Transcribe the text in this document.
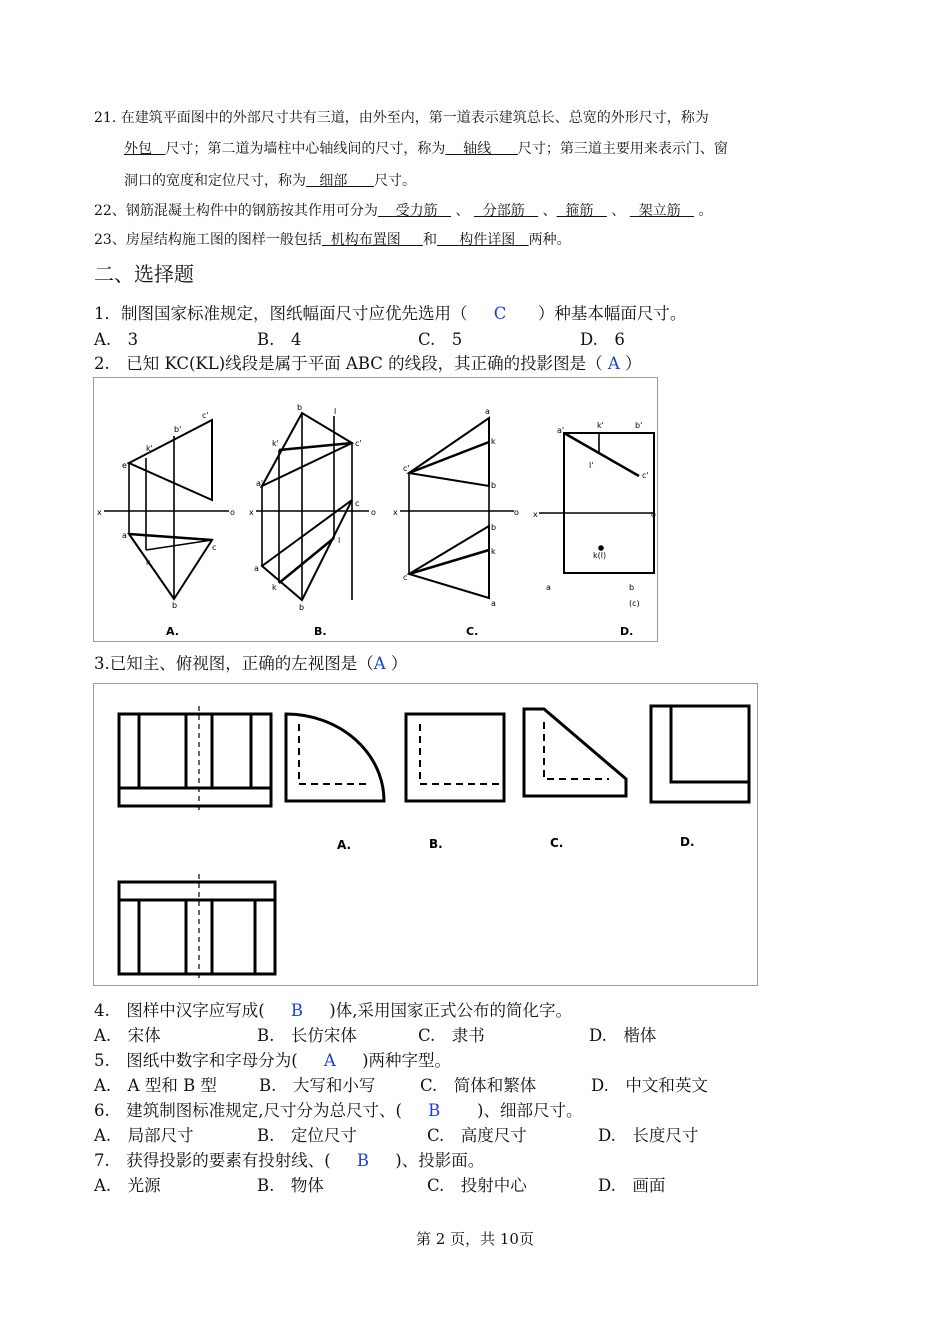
21. 在建筑平面图中的外部尺寸共有三道，由外至内，第一道表示建筑总长、总宽的外形尺寸，称为
外包 尺寸；第二道为墙柱中心轴线间的尺寸，称为 轴线 尺寸；第三道主要用来表示门、窗
洞口的宽度和定位尺寸，称为 细部 尺寸。
22、钢筋混凝土构件中的钢筋按其作用可分为 受力筋 、 分部筋 、 箍筋 、 架立筋 。
23、房屋结构施工图的图样一般包括 机构布置图 和 构件详图 两种。
二、选择题
1．制图国家标准规定，图纸幅面尺寸应优先选用（ C ）种基本幅面尺寸。
A.　3	B.　4	C.　5	D.　6
2.　已知 KC(KL)线段是属于平面 ABC 的线段，其正确的投影图是（ A ）
e'
k'
b'
c'
a
k
c
b
x	o
b	l
c'
k'
a'
a
k
b
l
c
x	o
a
k
c'
b
b
k
c
a
x	o
a'
k'	b'
l'
c'
k(l)
a	b
(c)
x	o
A.	B.	C.	D.
3.已知主、俯视图，正确的左视图是（A ）
A.	B.	C.	D.
4.　图样中汉字应写成( B )体,采用国家正式公布的简化字。
A.　宋体	B.　长仿宋体	C.　隶书	D.　楷体
5.　图纸中数字和字母分为( A )两种字型。
A.　A 型和 B 型	B.　大写和小写	C.　简体和繁体	D.　中文和英文
6.　建筑制图标准规定,尺寸分为总尺寸、( B )、细部尺寸。
A.　局部尺寸	B.　定位尺寸	C.　高度尺寸	D.　长度尺寸
7.　获得投影的要素有投射线、( B )、投影面。
A.　光源	B.　物体	C.　投射中心	D.　画面
第 2 页，共 10页
